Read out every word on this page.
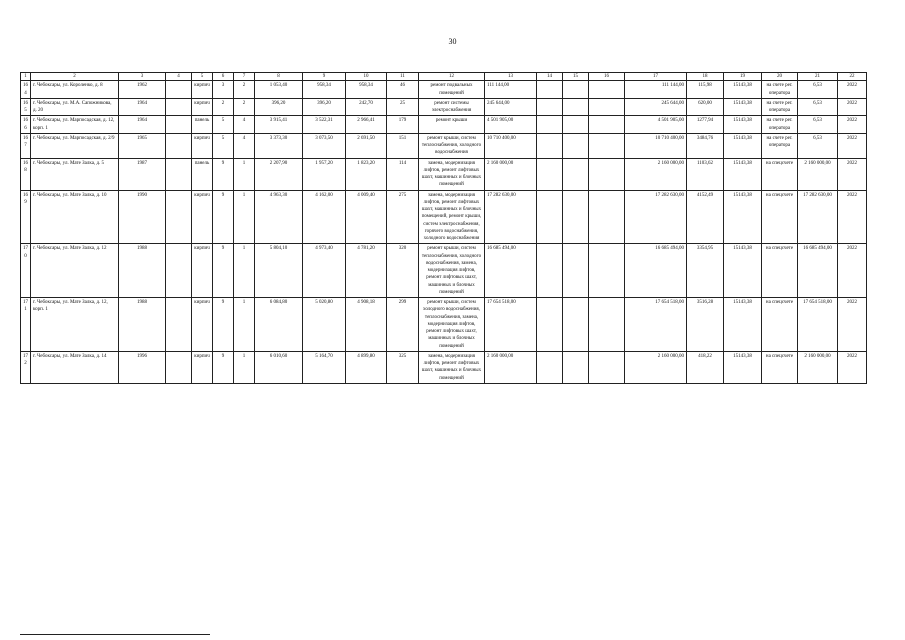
30
1	2	3	4	5	6	7	8	9	10	11	12	13	14	15	16	17	18	19	20	21	22
164	г. Чебоксары, ул. Короленко, д. 8	1962		кирпич	3	2	1 053,40	958,34	958,34	46	ремонт подвальных помещений	111 144,00				111 144,00	115,98	15143,38	на счете рег. оператора	6,53	2022
165	г. Чебоксары, ул. М.А. Сапожникова, д. 20	1964		кирпич	2	2	396,20	396,20	242,70	25	ремонт системы электроснабжения	245 644,00				245 644,00	620,00	15143,38	на счете рег. оператора	6,53	2022
166	г. Чебоксары, ул. Марпосадская, д. 12, корп. 1	1964		панель	5	4	3 915,41	3 522,31	2 966,41	179	ремонт крыши	4 501 905,00				4 501 905,00	1277,94	15143,38	на счете рег. оператора	6,53	2022
167	г. Чебоксары, ул. Марпосадская, д. 2/9	1965		кирпич	5	4	3 373,30	3 073,50	2 691,50	151	ремонт крыши, систем теплоснабжения, холодного водоснабжения	10 710 400,00				10 710 400,00	3484,76	15143,38	на счете рег. оператора	6,53	2022
168	г. Чебоксары, ул. Мате Залка, д. 5	1987		панель	9	1	2 207,90	1 957,20	1 823,20	114	замена, модернизация лифтов, ремонт лифтовых шахт, машинных и блочных помещений	2 160 000,00				2 160 000,00	1103,62	15143,38	на спецсчете	2 160 000,00	2022
169	г. Чебоксары, ул. Мате Залка, д. 10	1990		кирпич	9	1	4 963,30	4 162,00	4 009,40	275	замена, модернизация лифтов, ремонт лифтовых шахт, машинных и блочных помещений, ремонт крыши, систем электроснабжения, горячего водоснабжения, холодного водоснабжения	17 282 630,00				17 282 630,00	4152,49	15143,38	на спецсчете	17 282 630,00	2022
170	г. Чебоксары, ул. Мате Залка, д. 12	1988		кирпич	9	1	5 804,10	4 973,40	4 781,20	320	ремонт крыши, систем теплоснабжения, холодного водоснабжения, замена, модернизация лифтов, ремонт лифтовых шахт, машинных и блочных помещений	16 685 494,00				16 685 494,00	3354,95	15143,38	на спецсчете	16 685 494,00	2022
171	г. Чебоксары, ул. Мате Залка, д. 12, корп. 1	1988		кирпич	9	1	6 084,80	5 020,80	4 908,18	299	ремонт крыши, систем холодного водоснабжения, теплоснабжения, замена, модернизация лифтов, ремонт лифтовых шахт, машинных и блочных помещений	17 654 518,00				17 654 518,00	3516,28	15143,38	на спецсчете	17 654 518,00	2022
172	г. Чебоксары, ул. Мате Залка, д. 14	1996		кирпич	9	1	6 010,60	5 164,70	4 899,80	325	замена, модернизация лифтов, ремонт лифтовых шахт, машинных и блочных помещений	2 160 000,00				2 160 000,00	418,22	15143,38	на спецсчете	2 160 000,00	2022
